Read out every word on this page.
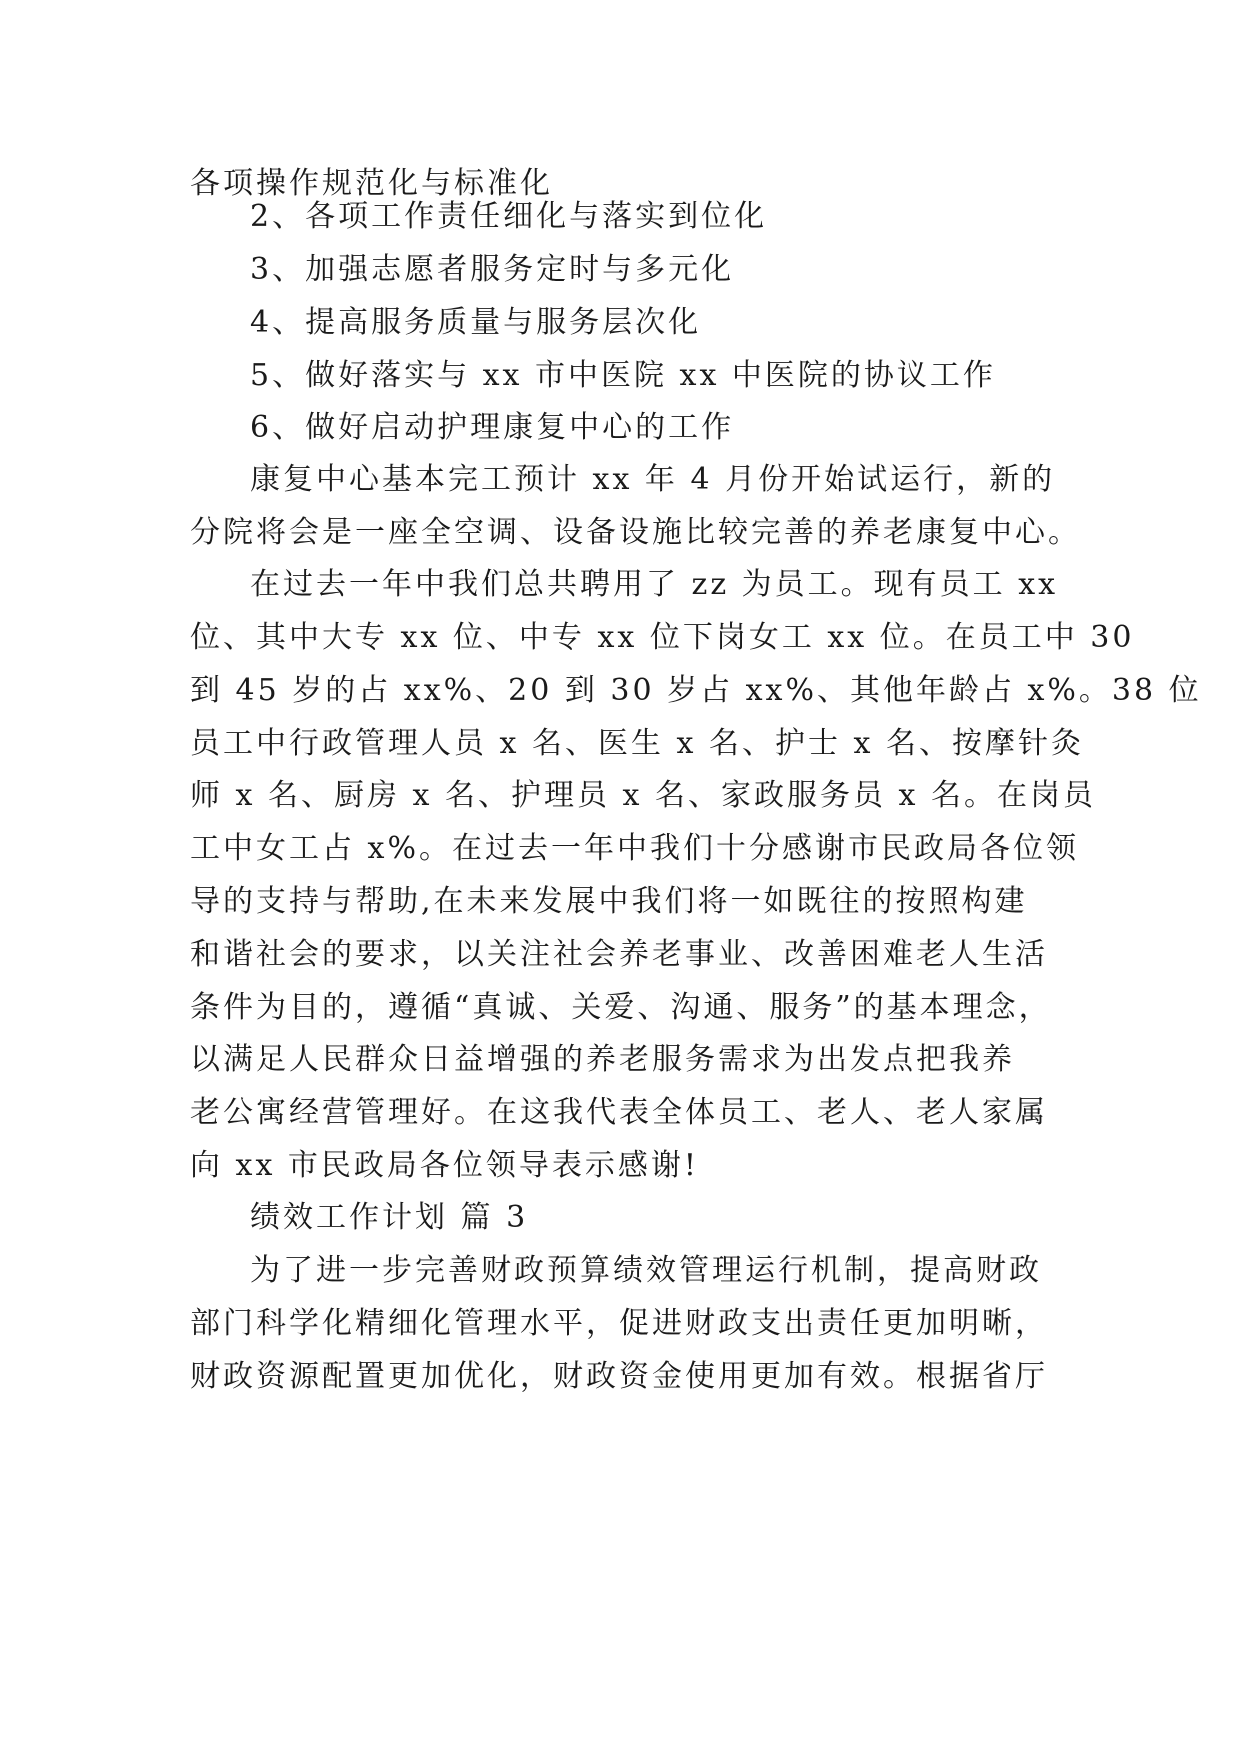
各项操作规范化与标准化
2、各项工作责任细化与落实到位化
3、加强志愿者服务定时与多元化
4、提高服务质量与服务层次化
5、做好落实与 xx 市中医院 xx 中医院的协议工作
6、做好启动护理康复中心的工作
康复中心基本完工预计 xx 年 4 月份开始试运行，新的
分院将会是一座全空调、设备设施比较完善的养老康复中心。
在过去一年中我们总共聘用了 zz 为员工。现有员工 xx
位、其中大专 xx 位、中专 xx 位下岗女工 xx 位。在员工中 30
到 45 岁的占 xx%、20 到 30 岁占 xx%、其他年龄占 x%。38 位
员工中行政管理人员 x 名、医生 x 名、护士 x 名、按摩针灸
师 x 名、厨房 x 名、护理员 x 名、家政服务员 x 名。在岗员
工中女工占 x%。在过去一年中我们十分感谢市民政局各位领
导的支持与帮助,在未来发展中我们将一如既往的按照构建
和谐社会的要求，以关注社会养老事业、改善困难老人生活
条件为目的，遵循“真诚、关爱、沟通、服务”的基本理念，
以满足人民群众日益增强的养老服务需求为出发点把我养
老公寓经营管理好。在这我代表全体员工、老人、老人家属
向 xx 市民政局各位领导表示感谢!
绩效工作计划 篇 3
为了进一步完善财政预算绩效管理运行机制，提高财政
部门科学化精细化管理水平，促进财政支出责任更加明晰，
财政资源配置更加优化，财政资金使用更加有效。根据省厅
